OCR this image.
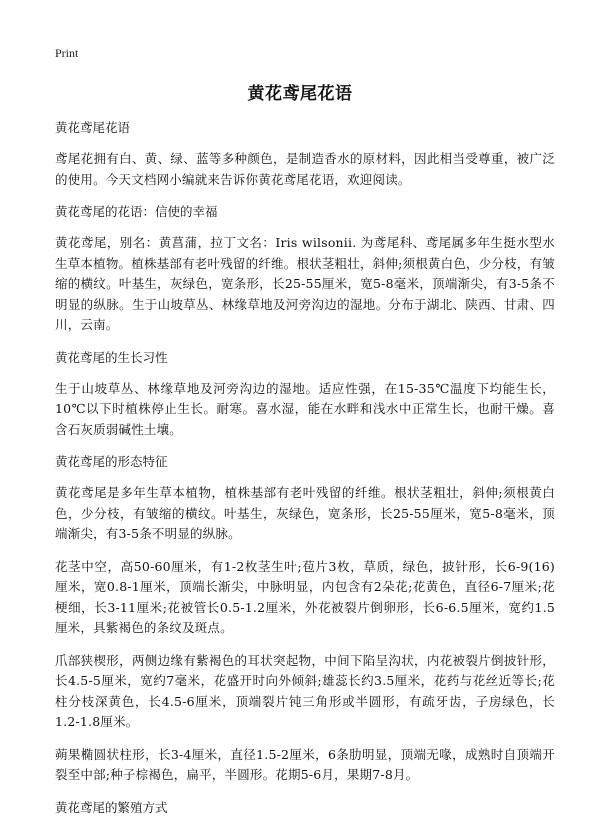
Print
黄花鸢尾花语

黄花鸢尾花语

鸢尾花拥有白、黄、绿、蓝等多种颜色，是制造香水的原材料，因此相当受尊重，被广泛的使用。今天文档网小编就来告诉你黄花鸢尾花语，欢迎阅读。

黄花鸢尾的花语：信使的幸福

黄花鸢尾，别名：黄菖蒲，拉丁文名：Iris wilsonii. 为鸢尾科、鸢尾属多年生挺水型水生草本植物。植株基部有老叶残留的纤维。根状茎粗壮，斜伸;须根黄白色，少分枝，有皱缩的横纹。叶基生，灰绿色，宽条形，长25-55厘米，宽5-8毫米，顶端渐尖，有3-5条不明显的纵脉。生于山坡草丛、林缘草地及河旁沟边的湿地。分布于湖北、陕西、甘肃、四川，云南。

黄花鸢尾的生长习性

生于山坡草丛、林缘草地及河旁沟边的湿地。适应性强，在15-35℃温度下均能生长，10℃以下时植株停止生长。耐寒。喜水湿，能在水畔和浅水中正常生长，也耐干燥。喜含石灰质弱碱性土壤。

黄花鸢尾的形态特征

黄花鸢尾是多年生草本植物，植株基部有老叶残留的纤维。根状茎粗壮，斜伸;须根黄白色，少分枝，有皱缩的横纹。叶基生，灰绿色，宽条形，长25-55厘米，宽5-8毫米，顶端渐尖，有3-5条不明显的纵脉。

花茎中空，高50-60厘米，有1-2枚茎生叶;苞片3枚，草质，绿色，披针形，长6-9(16) 厘米，宽0.8-1厘米，顶端长渐尖，中脉明显，内包含有2朵花;花黄色，直径6-7厘米;花梗细，长3-11厘米;花被管长0.5-1.2厘米，外花被裂片倒卵形，长6-6.5厘米，宽约1.5厘米，具紫褐色的条纹及斑点。

爪部狭楔形，两侧边缘有紫褐色的耳状突起物，中间下陷呈沟状，内花被裂片倒披针形，长4.5-5厘米，宽约7毫米，花盛开时向外倾斜;雄蕊长约3.5厘米，花药与花丝近等长;花柱分枝深黄色，长4.5-6厘米，顶端裂片钝三角形或半圆形，有疏牙齿，子房绿色，长1.2-1.8厘米。

蒴果椭圆状柱形，长3-4厘米，直径1.5-2厘米，6条肋明显，顶端无喙，成熟时自顶端开裂至中部;种子棕褐色，扁平，半圆形。花期5-6月，果期7-8月。

黄花鸢尾的繁殖方式
